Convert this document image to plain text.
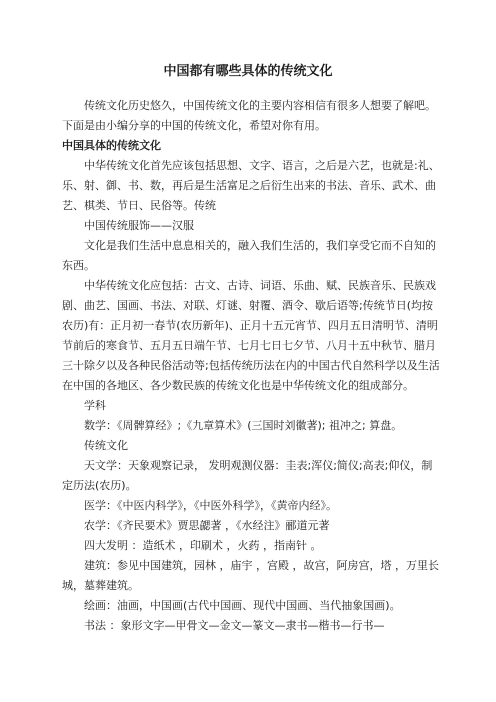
中国都有哪些具体的传统文化

传统文化历史悠久，中国传统文化的主要内容相信有很多人想要了解吧。下面是由小编分享的中国的传统文化，希望对你有用。

中国具体的传统文化

中华传统文化首先应该包括思想、文字、语言，之后是六艺，也就是:礼、乐、射、御、书、数，再后是生活富足之后衍生出来的书法、音乐、武术、曲艺、棋类、节日、民俗等。传统

中国传统服饰——汉服

文化是我们生活中息息相关的，融入我们生活的，我们享受它而不自知的东西。

中华传统文化应包括：古文、古诗、词语、乐曲、赋、民族音乐、民族戏剧、曲艺、国画、书法、对联、灯谜、射覆、酒令、歇后语等;传统节日(均按农历)有：正月初一春节(农历新年)、正月十五元宵节、四月五日清明节、清明节前后的寒食节、五月五日端午节、七月七日七夕节、八月十五中秋节、腊月三十除夕以及各种民俗活动等;包括传统历法在内的中国古代自然科学以及生活在中国的各地区、各少数民族的传统文化也是中华传统文化的组成部分。

学科

数学：《周髀算经》;《九章算术》(三国时刘徽著); 祖冲之; 算盘。

传统文化

天文学：天象观察记录， 发明观测仪器：圭表;浑仪;简仪;高表;仰仪，制定历法(农历)。

医学：《中医内科学》，《中医外科学》，《黄帝内经》。

农学：《齐民要术》贾思勰著 ，《水经注》郦道元著

四大发明 ：造纸术 ，印刷术 ，火药 ，指南针 。

建筑：参见中国建筑，园林 ，庙宇 ，宫殿 ，故宫，阿房宫，塔 ，万里长城，墓葬建筑。

绘画：油画，中国画(古代中国画、现代中国画、当代抽象国画)。

书法 ：象形文字—甲骨文—金文—篆文—隶书—楷书—行书—
